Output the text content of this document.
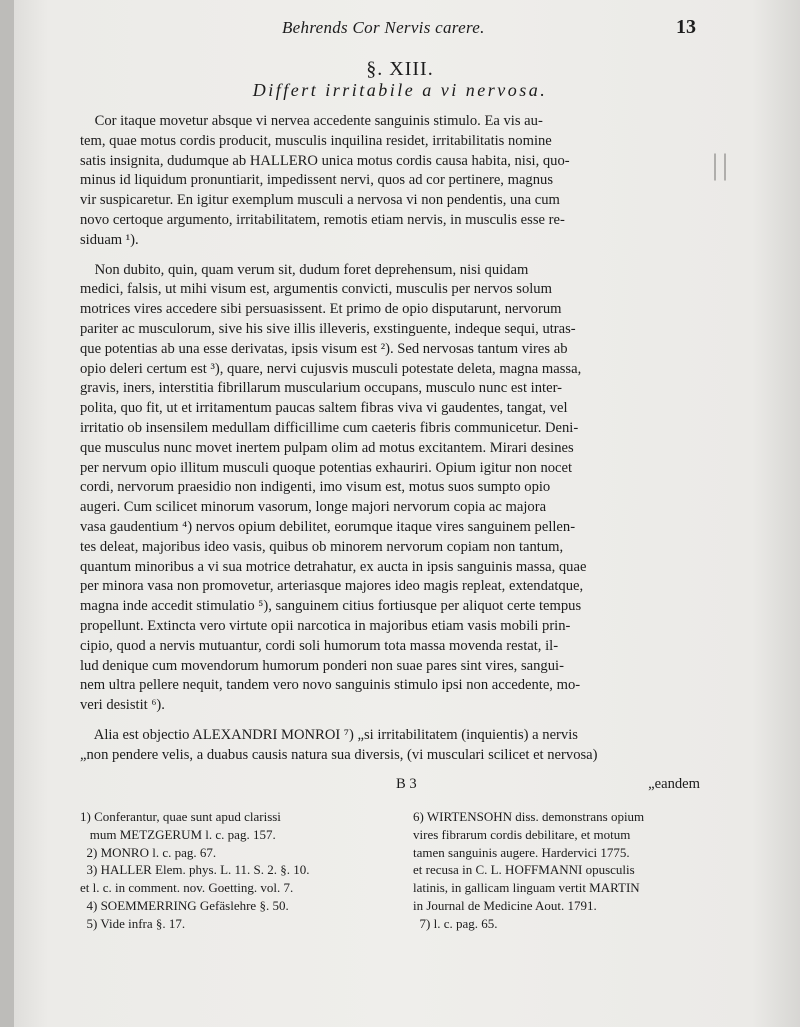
Behrends Cor Nervis carere.	13
§. XIII.
Differt irritabile a vi nervosa.
||
Cor itaque movetur absque vi nervea accedente sanguinis stimulo. Ea vis au-
tem, quae motus cordis producit, musculis inquilina residet, irritabilitatis nomine
satis insignita, dudumque ab HALLERO unica motus cordis causa habita, nisi, quo-
minus id liquidum pronuntiarit, impedissent nervi, quos ad cor pertinere, magnus
vir suspicaretur. En igitur exemplum musculi a nervosa vi non pendentis, una cum
novo certoque argumento, irritabilitatem, remotis etiam nervis, in musculis esse re-
siduam ¹).
Non dubito, quin, quam verum sit, dudum foret deprehensum, nisi quidam
medici, falsis, ut mihi visum est, argumentis convicti, musculis per nervos solum
motrices vires accedere sibi persuasissent. Et primo de opio disputarunt, nervorum
pariter ac musculorum, sive his sive illis illeveris, exstinguente, indeque sequi, utras-
que potentias ab una esse derivatas, ipsis visum est ²). Sed nervosas tantum vires ab
opio deleri certum est ³), quare, nervi cujusvis musculi potestate deleta, magna massa,
gravis, iners, interstitia fibrillarum muscularium occupans, musculo nunc est inter-
polita, quo fit, ut et irritamentum paucas saltem fibras viva vi gaudentes, tangat, vel
irritatio ob insensilem medullam difficillime cum caeteris fibris communicetur. Deni-
que musculus nunc movet inertem pulpam olim ad motus excitantem. Mirari desines
per nervum opio illitum musculi quoque potentias exhauriri. Opium igitur non nocet
cordi, nervorum praesidio non indigenti, imo visum est, motus suos sumpto opio
augeri. Cum scilicet minorum vasorum, longe majori nervorum copia ac majora
vasa gaudentium ⁴) nervos opium debilitet, eorumque itaque vires sanguinem pellen-
tes deleat, majoribus ideo vasis, quibus ob minorem nervorum copiam non tantum,
quantum minoribus a vi sua motrice detrahatur, ex aucta in ipsis sanguinis massa, quae
per minora vasa non promovetur, arteriasque majores ideo magis repleat, extendatque,
magna inde accedit stimulatio ⁵), sanguinem citius fortiusque per aliquot certe tempus
propellunt. Extincta vero virtute opii narcotica in majoribus etiam vasis mobili prin-
cipio, quod a nervis mutuantur, cordi soli humorum tota massa movenda restat, il-
lud denique cum movendorum humorum ponderi non suae pares sint vires, sangui-
nem ultra pellere nequit, tandem vero novo sanguinis stimulo ipsi non accedente, mo-
veri desistit ⁶).
Alia est objectio ALEXANDRI MONROI ⁷) „si irritabilitatem (inquientis) a nervis
„non pendere velis, a duabus causis natura sua diversis, (vi musculari scilicet et nervosa)
B 3	„eandem
1) Conferantur, quae sunt apud clarissi
mum METZGERUM l. c. pag. 157.
2) MONRO l. c. pag. 67.
3) HALLER Elem. phys. L. 11. S. 2. §. 10.
et l. c. in comment. nov. Goetting. vol. 7.
4) SOEMMERRING Gefäslehre §. 50.
5) Vide infra §. 17.
6) WIRTENSOHN diss. demonstrans opium
vires fibrarum cordis debilitare, et motum
tamen sanguinis augere. Hardervici 1775.
et recusa in C. L. HOFFMANNI opusculis
latinis, in gallicam linguam vertit MARTIN
in Journal de Medicine Aout. 1791.
7) l. c. pag. 65.
